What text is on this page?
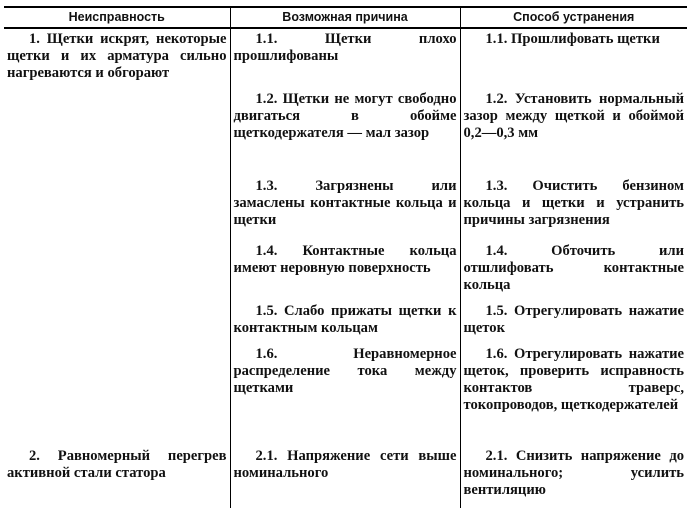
Неисправность	Возможная причина	Способ устранения
1. Щетки искрят, некоторые щетки и их арматура сильно нагреваются и обгорают	1.1. Щетки плохо прошлифованы	1.1. Прошлифовать щетки
	1.2. Щетки не могут свободно двигаться в обойме щеткодержателя — мал зазор	1.2. Установить нормальный зазор между щеткой и обоймой 0,2—0,3 мм
	1.3. Загрязнены или замаслены контактные кольца и щетки	1.3. Очистить бензином кольца и щетки и устранить причины загрязнения
	1.4. Контактные кольца имеют неровную поверхность	1.4. Обточить или отшлифовать контактные кольца
	1.5. Слабо прижаты щетки к контактным кольцам	1.5. Отрегулировать нажатие щеток
	1.6. Неравномерное распределение тока между щетками	1.6. Отрегулировать нажатие щеток, проверить исправность контактов траверс, токопроводов, щеткодержателей
2. Равномерный перегрев активной стали статора	2.1. Напряжение сети выше номинального	2.1. Снизить напряжение до номинального; усилить вентиляцию
